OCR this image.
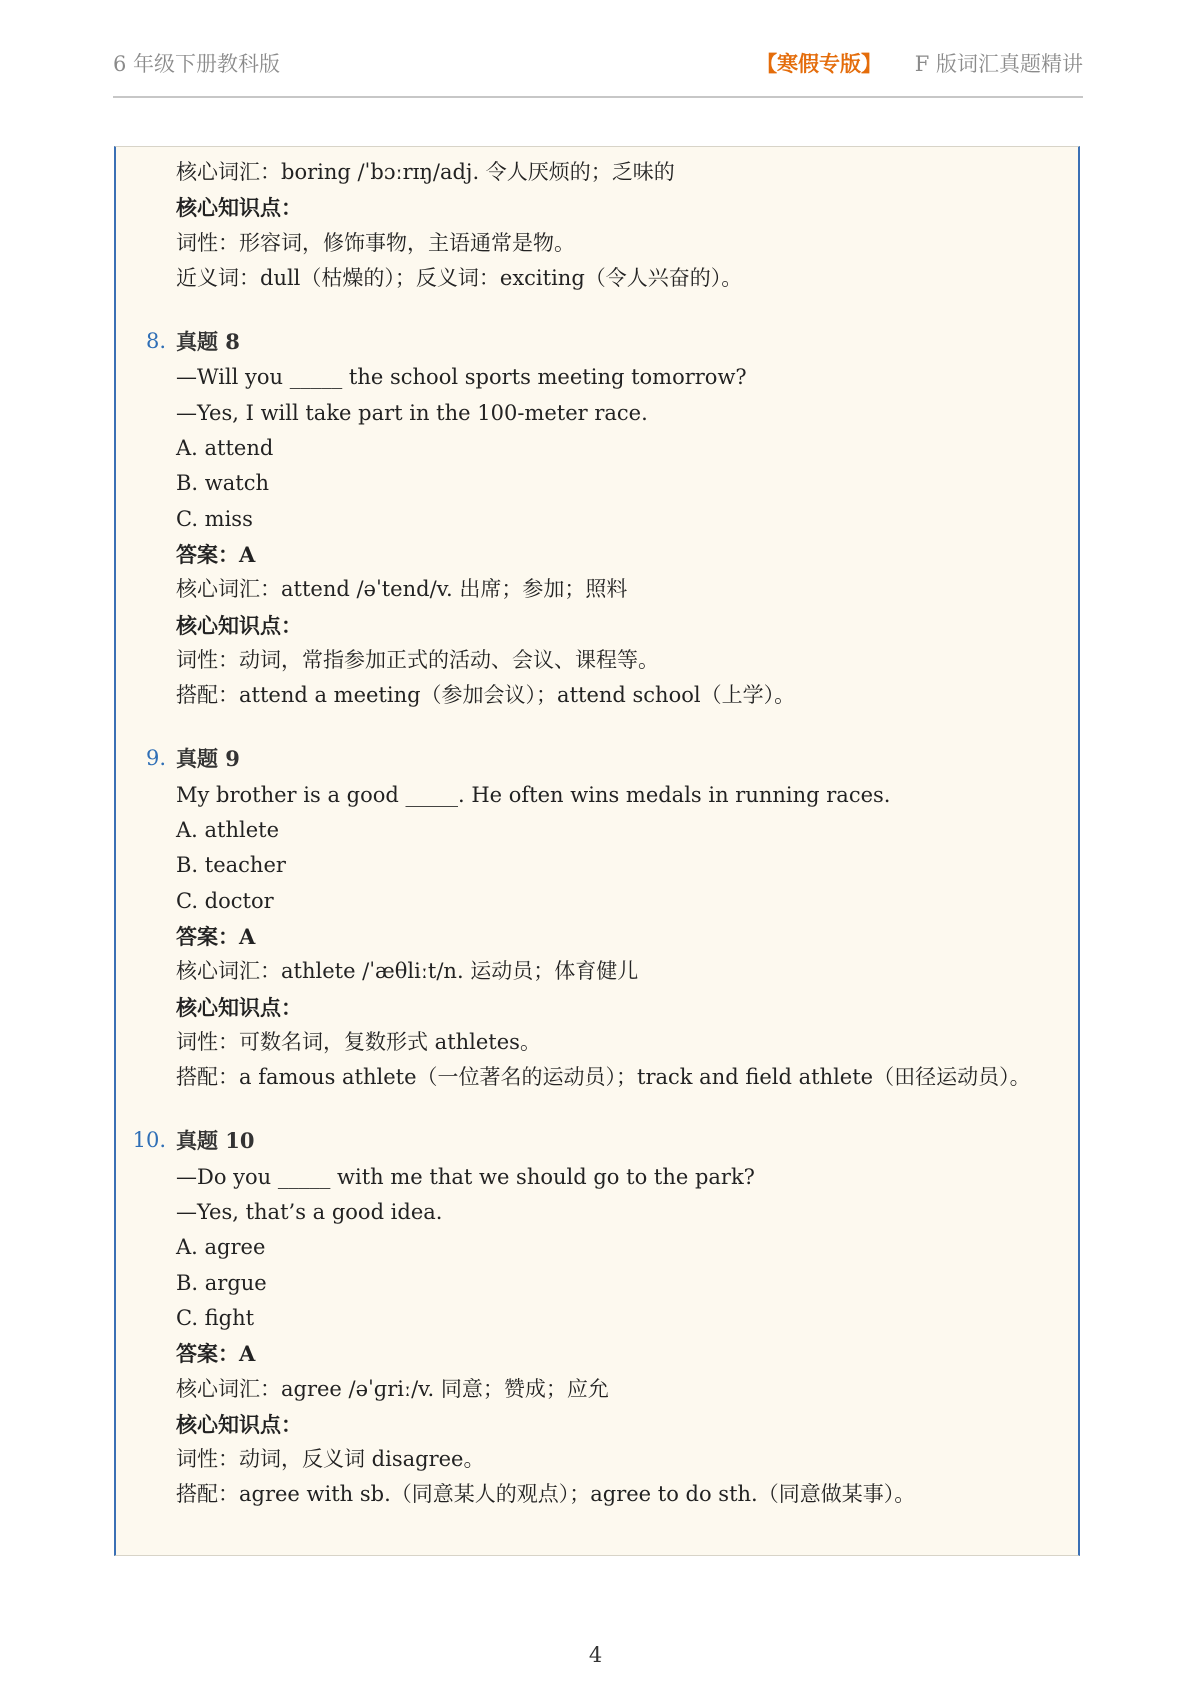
6 年级下册教科版	【寒假专版】 F 版词汇真题精讲
核心词汇：boring /ˈbɔːrɪŋ/adj. 令人厌烦的；乏味的
核心知识点：
词性：形容词，修饰事物，主语通常是物。
近义词：dull（枯燥的）；反义词：exciting（令人兴奋的）。
8. 真题 8
—Will you _____ the school sports meeting tomorrow?
—Yes, I will take part in the 100-meter race.
A. attend
B. watch
C. miss
答案：A
核心词汇：attend /əˈtend/v. 出席；参加；照料
核心知识点：
词性：动词，常指参加正式的活动、会议、课程等。
搭配：attend a meeting（参加会议）；attend school（上学）。
9. 真题 9
My brother is a good _____. He often wins medals in running races.
A. athlete
B. teacher
C. doctor
答案：A
核心词汇：athlete /ˈæθliːt/n. 运动员；体育健儿
核心知识点：
词性：可数名词，复数形式 athletes。
搭配：a famous athlete（一位著名的运动员）；track and field athlete（田径运动员）。
10. 真题 10
—Do you _____ with me that we should go to the park?
—Yes, that’s a good idea.
A. agree
B. argue
C. fight
答案：A
核心词汇：agree /əˈɡriː/v. 同意；赞成；应允
核心知识点：
词性：动词，反义词 disagree。
搭配：agree with sb.（同意某人的观点）；agree to do sth.（同意做某事）。
4
